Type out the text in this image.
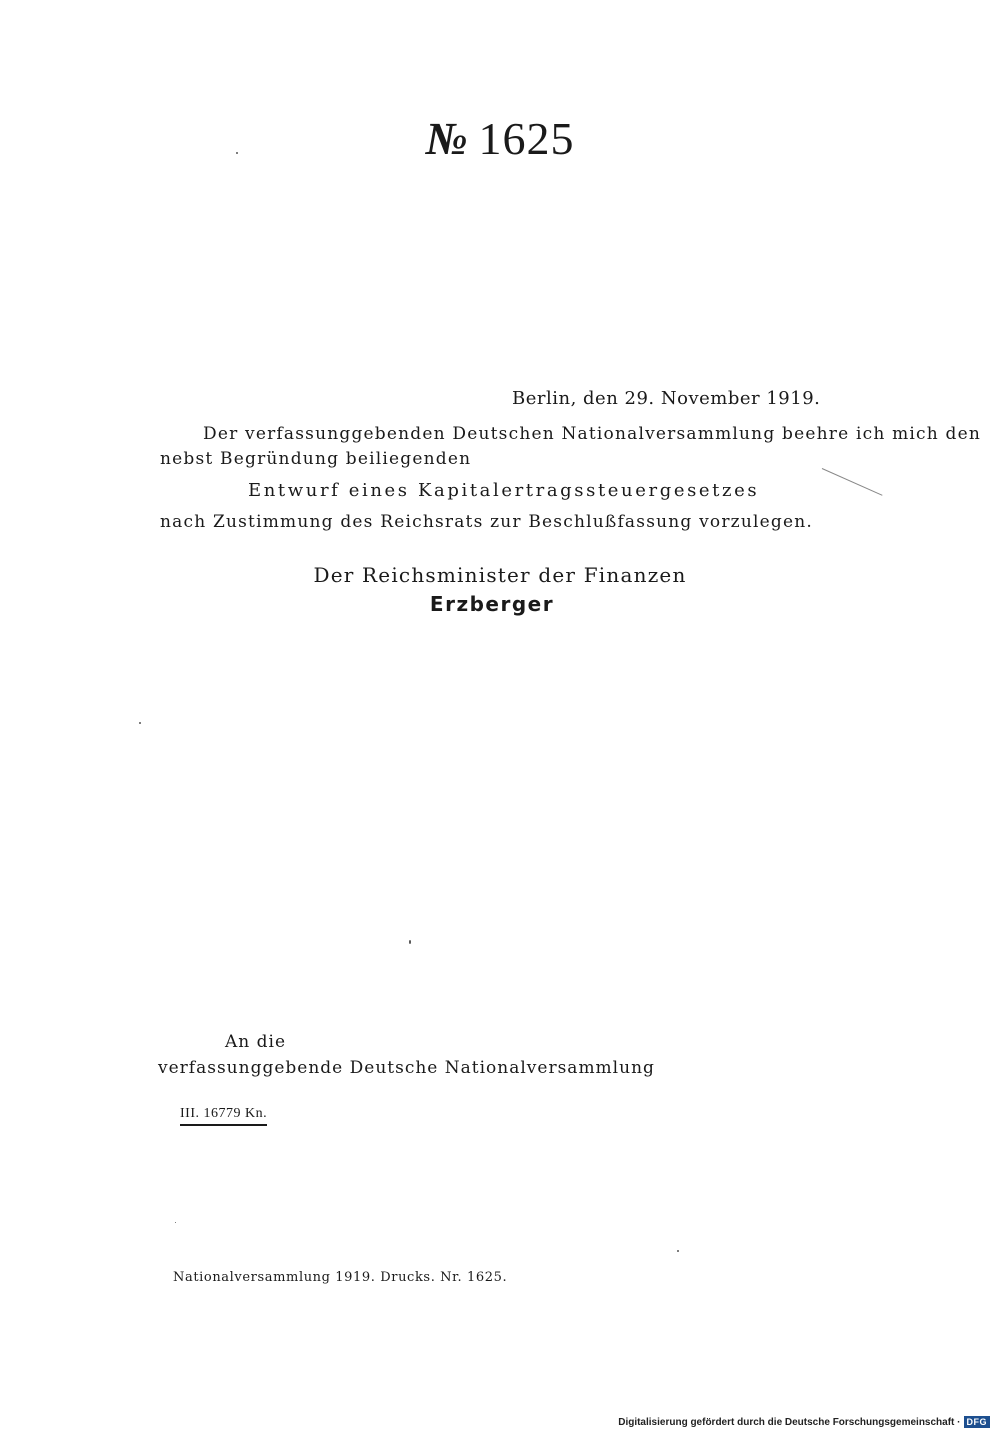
№ 1625
Berlin, den 29. November 1919.
Der verfassunggebenden Deutschen Nationalversammlung beehre ich mich den
nebst Begründung beiliegenden
Entwurf eines Kapitalertragssteuergesetzes
nach Zustimmung des Reichsrats zur Beschlußfassung vorzulegen.
Der Reichsminister der Finanzen
Erzberger
An die
verfassunggebende Deutsche Nationalversammlung
III. 16779 Kn.
Nationalversammlung 1919. Drucks. Nr. 1625.
Digitalisierung gefördert durch die Deutsche Forschungsgemeinschaft · DFG
